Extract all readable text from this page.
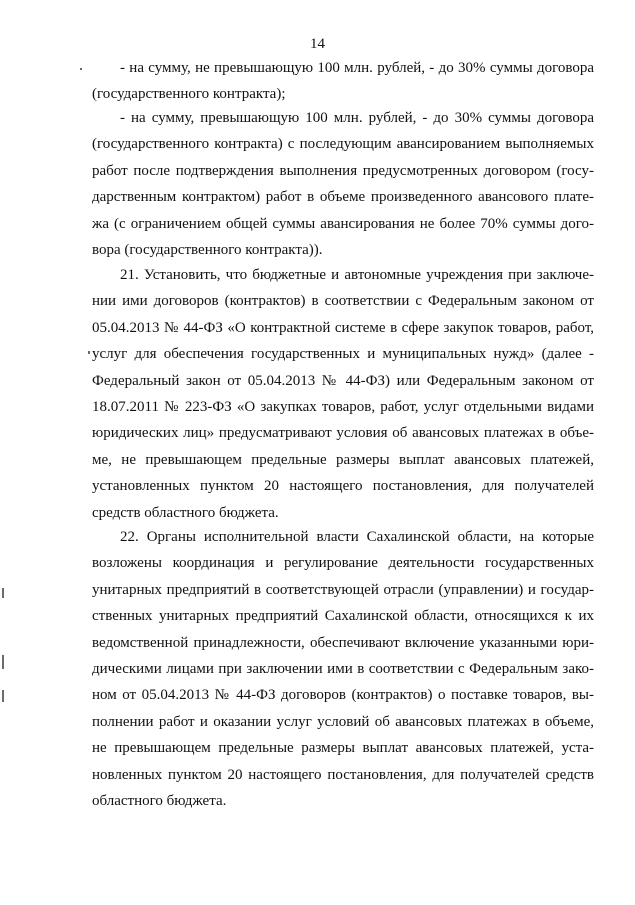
14

- на сумму, не превышающую 100 млн. рублей, - до 30% суммы договора (государственного контракта);

- на сумму, превышающую 100 млн. рублей, - до 30% суммы договора (государственного контракта) с последующим авансированием выполняемых работ после подтверждения выполнения предусмотренных договором (госу-дарственным контрактом) работ в объеме произведенного авансового плате-жа (с ограничением общей суммы авансирования не более 70% суммы дого-вора (государственного контракта)).

21. Установить, что бюджетные и автономные учреждения при заключе-нии ими договоров (контрактов) в соответствии с Федеральным законом от 05.04.2013 № 44-ФЗ «О контрактной системе в сфере закупок товаров, работ, услуг для обеспечения государственных и муниципальных нужд» (далее - Федеральный закон от 05.04.2013 № 44-ФЗ) или Федеральным законом от 18.07.2011 № 223-ФЗ «О закупках товаров, работ, услуг отдельными видами юридических лиц» предусматривают условия об авансовых платежах в объе-ме, не превышающем предельные размеры выплат авансовых платежей, установленных пунктом 20 настоящего постановления, для получателей средств областного бюджета.

22. Органы исполнительной власти Сахалинской области, на которые возложены координация и регулирование деятельности государственных унитарных предприятий в соответствующей отрасли (управлении) и государ-ственных унитарных предприятий Сахалинской области, относящихся к их ведомственной принадлежности, обеспечивают включение указанными юри-дическими лицами при заключении ими в соответствии с Федеральным зако-ном от 05.04.2013 № 44-ФЗ договоров (контрактов) о поставке товаров, вы-полнении работ и оказании услуг условий об авансовых платежах в объеме, не превышающем предельные размеры выплат авансовых платежей, уста-новленных пунктом 20 настоящего постановления, для получателей средств областного бюджета.
